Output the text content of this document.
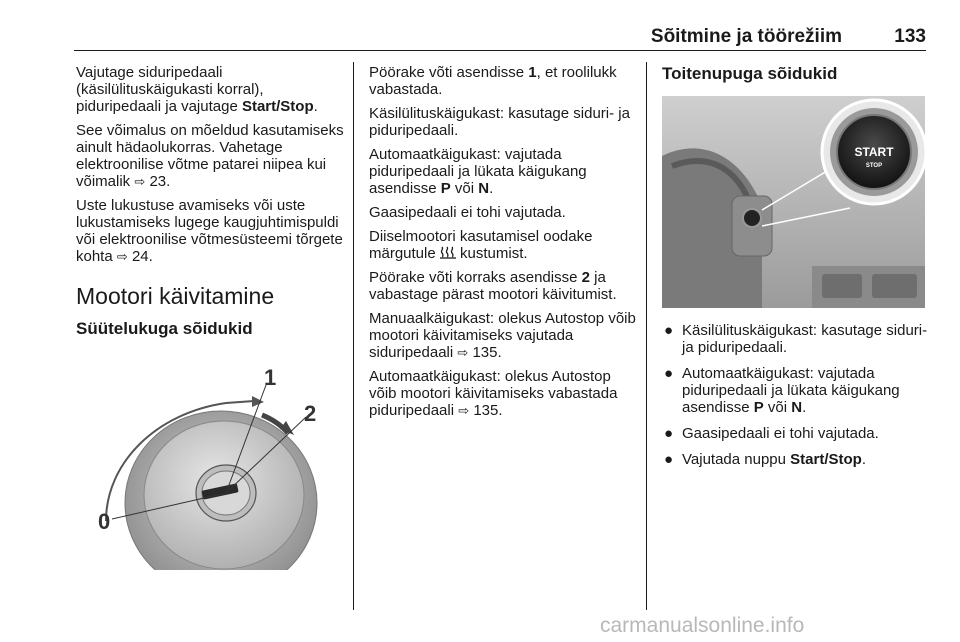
Sõitmine ja töörežiim	133

Vajutage siduripedaali (käsilülituskäigukasti korral), piduripedaali ja vajutage Start/Stop.

See võimalus on mõeldud kasutamiseks ainult hädaolukorras. Vahetage elektroonilise võtme patarei niipea kui võimalik ⇨ 23.

Uste lukustuse avamiseks või uste lukustamiseks lugege kaugjuhtimispuldi või elektroonilise võtmesüsteemi tõrgete kohta ⇨ 24.

Mootori käivitamine
Süütelukuga sõidukid
1
2
0

Pöörake võti asendisse 1, et roolilukk vabastada.

Käsilülituskäigukast: kasutage siduri- ja piduripedaali.

Automaatkäigukast: vajutada piduripedaali ja lükata käigukang asendisse P või N.

Gaasipedaali ei tohi vajutada.

Diiselmootori kasutamisel oodake märgutule  kustumist.

Pöörake võti korraks asendisse 2 ja vabastage pärast mootori käivitumist.

Manuaalkäigukast: olekus Autostop võib mootori käivitamiseks vajutada siduripedaali ⇨ 135.

Automaatkäigukast: olekus Autostop võib mootori käivitamiseks vabastada piduripedaali ⇨ 135.

Toitenupuga sõidukid
START
STOP
● Käsilülituskäigukast: kasutage siduri- ja piduripedaali.
● Automaatkäigukast: vajutada piduripedaali ja lükata käigukang asendisse P või N.
● Gaasipedaali ei tohi vajutada.
● Vajutada nuppu Start/Stop.
carmanualsonline.info
